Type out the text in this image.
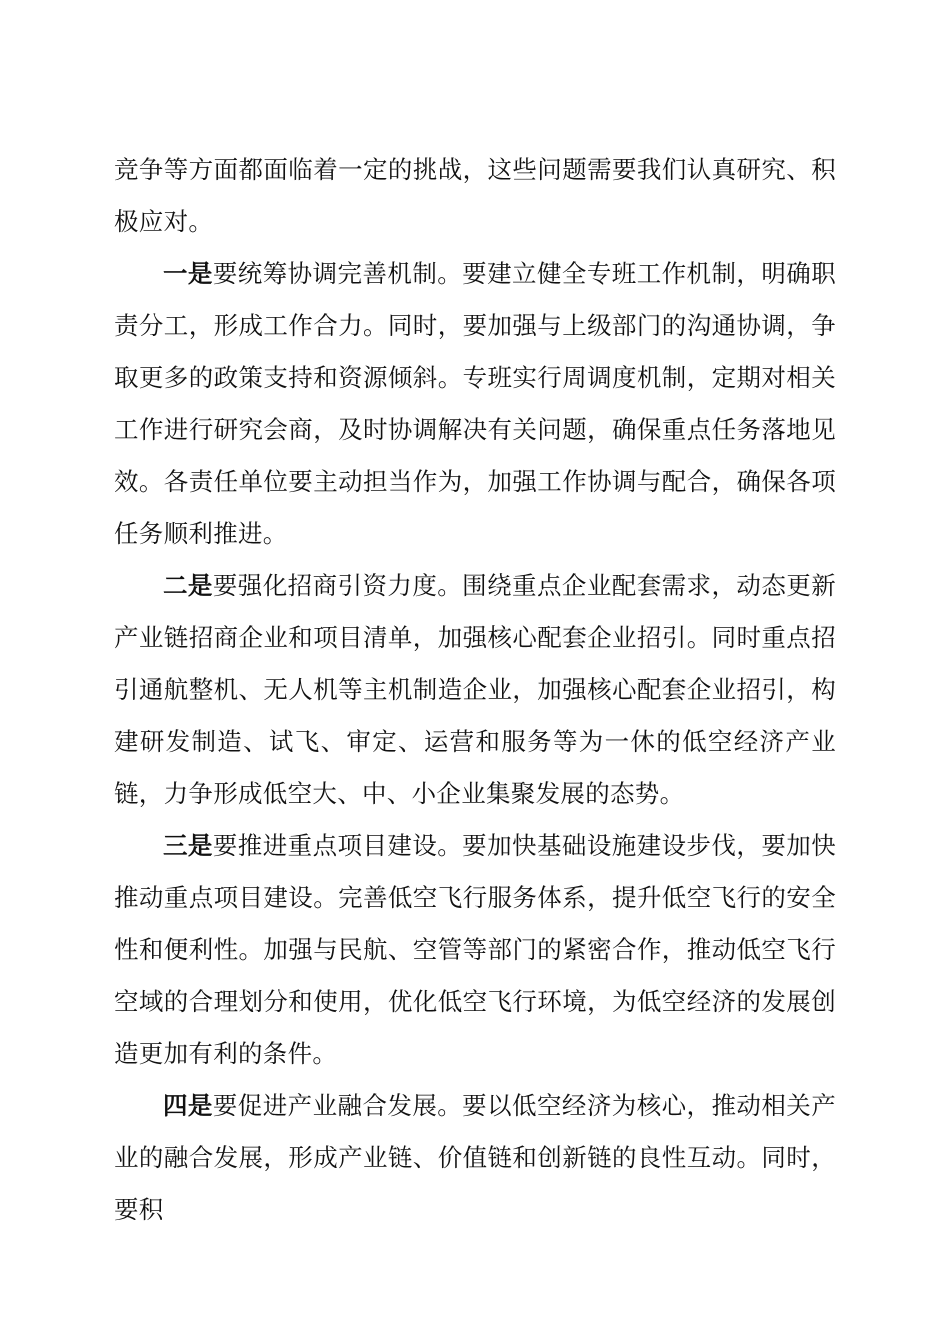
竞争等方面都面临着一定的挑战，这些问题需要我们认真研究、积极应对。

一是要统筹协调完善机制。要建立健全专班工作机制，明确职责分工，形成工作合力。同时，要加强与上级部门的沟通协调，争取更多的政策支持和资源倾斜。专班实行周调度机制，定期对相关工作进行研究会商，及时协调解决有关问题，确保重点任务落地见效。各责任单位要主动担当作为，加强工作协调与配合，确保各项任务顺利推进。

二是要强化招商引资力度。围绕重点企业配套需求，动态更新产业链招商企业和项目清单，加强核心配套企业招引。同时重点招引通航整机、无人机等主机制造企业，加强核心配套企业招引，构建研发制造、试飞、审定、运营和服务等为一休的低空经济产业链，力争形成低空大、中、小企业集聚发展的态势。

三是要推进重点项目建设。要加快基础设施建设步伐，要加快推动重点项目建设。完善低空飞行服务体系，提升低空飞行的安全性和便利性。加强与民航、空管等部门的紧密合作，推动低空飞行空域的合理划分和使用，优化低空飞行环境，为低空经济的发展创造更加有利的条件。

四是要促进产业融合发展。要以低空经济为核心，推动相关产业的融合发展，形成产业链、价值链和创新链的良性互动。同时，要积
